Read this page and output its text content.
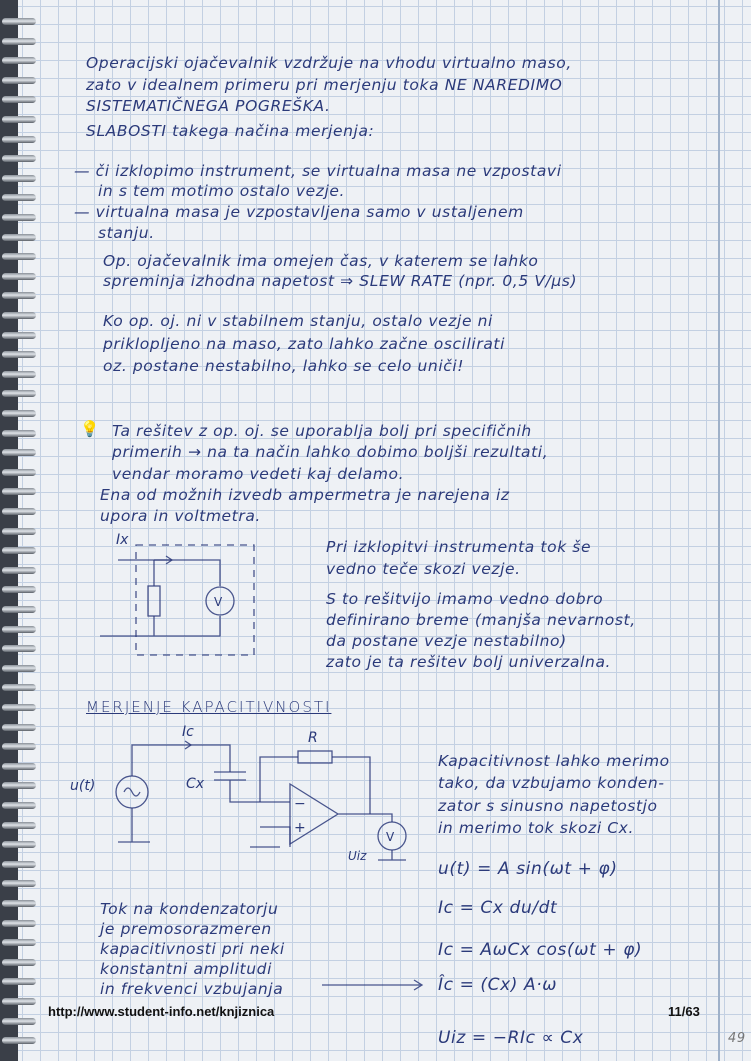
Operacijski ojačevalnik vzdržuje na vhodu virtualno maso,
zato v idealnem primeru pri merjenju toka NE NAREDIMO
SISTEMATIČNEGA POGREŠKA.
SLABOSTI takega načina merjenja:
— či izklopimo instrument, se virtualna masa ne vzpostavi
in s tem motimo ostalo vezje.
— virtualna masa je vzpostavljena samo v ustaljenem
stanju.
Op. ojačevalnik ima omejen čas, v katerem se lahko
spreminja izhodna napetost ⇒ SLEW RATE (npr. 0,5 V/µs)
Ko op. oj. ni v stabilnem stanju, ostalo vezje ni
priklopljeno na maso, zato lahko začne oscilirati
oz. postane nestabilno, lahko se celo uniči!
💡 Ta rešitev z op. oj. se uporablja bolj pri specifičnih
primerih → na ta način lahko dobimo boljši rezultati,
vendar moramo vedeti kaj delamo.
Ena od možnih izvedb ampermetra je narejena iz
upora in voltmetra.
Ix
V
Pri izklopitvi instrumenta tok še
vedno teče skozi vezje.
S to rešitvijo imamo vedno dobro
definirano breme (manjša nevarnost,
da postane vezje nestabilno)
zato je ta rešitev bolj univerzalna.
MERJENJE KAPACITIVNOSTI
u(t)
Ic
Cx
R
−
+
V
Uiz
Kapacitivnost lahko merimo
tako, da vzbujamo konden-
zator s sinusno napetostjo
in merimo tok skozi Cx.
u(t) = A sin(ωt + φ)
Ic = Cx du/dt
Ic = AωCx cos(ωt + φ)
Îc = (Cx) A·ω
Uiz = −RIc ∝ Cx
Tok na kondenzatorju
je premosorazmeren
kapacitivnosti pri neki
konstantni amplitudi
in frekvenci vzbujanja
http://www.student-info.net/knjiznica	11/63
49
